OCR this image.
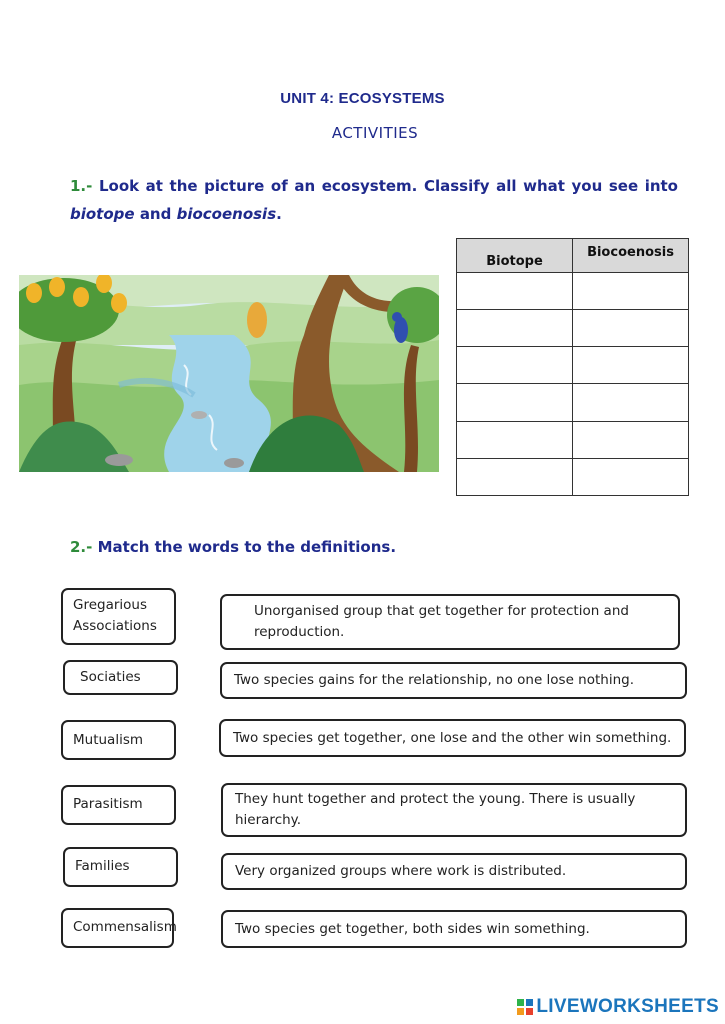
UNIT 4: ECOSYSTEMS
ACTIVITIES
1.- Look at the picture of an ecosystem. Classify all what you see into
biotope and biocoenosis.
Biotope	Biocoenosis

2.- Match the words to the definitions.
Gregarious Associations
Sociaties
Mutualism
Parasitism
Families
Commensalism
Unorganised group that get together for protection and reproduction.
Two species gains for the relationship, no one lose nothing.
Two species get together, one lose and the other win something.
They hunt together and protect the young. There is usually hierarchy.
Very organized groups where work is distributed.
Two species get together, both sides win something.
LIVEWORKSHEETS
